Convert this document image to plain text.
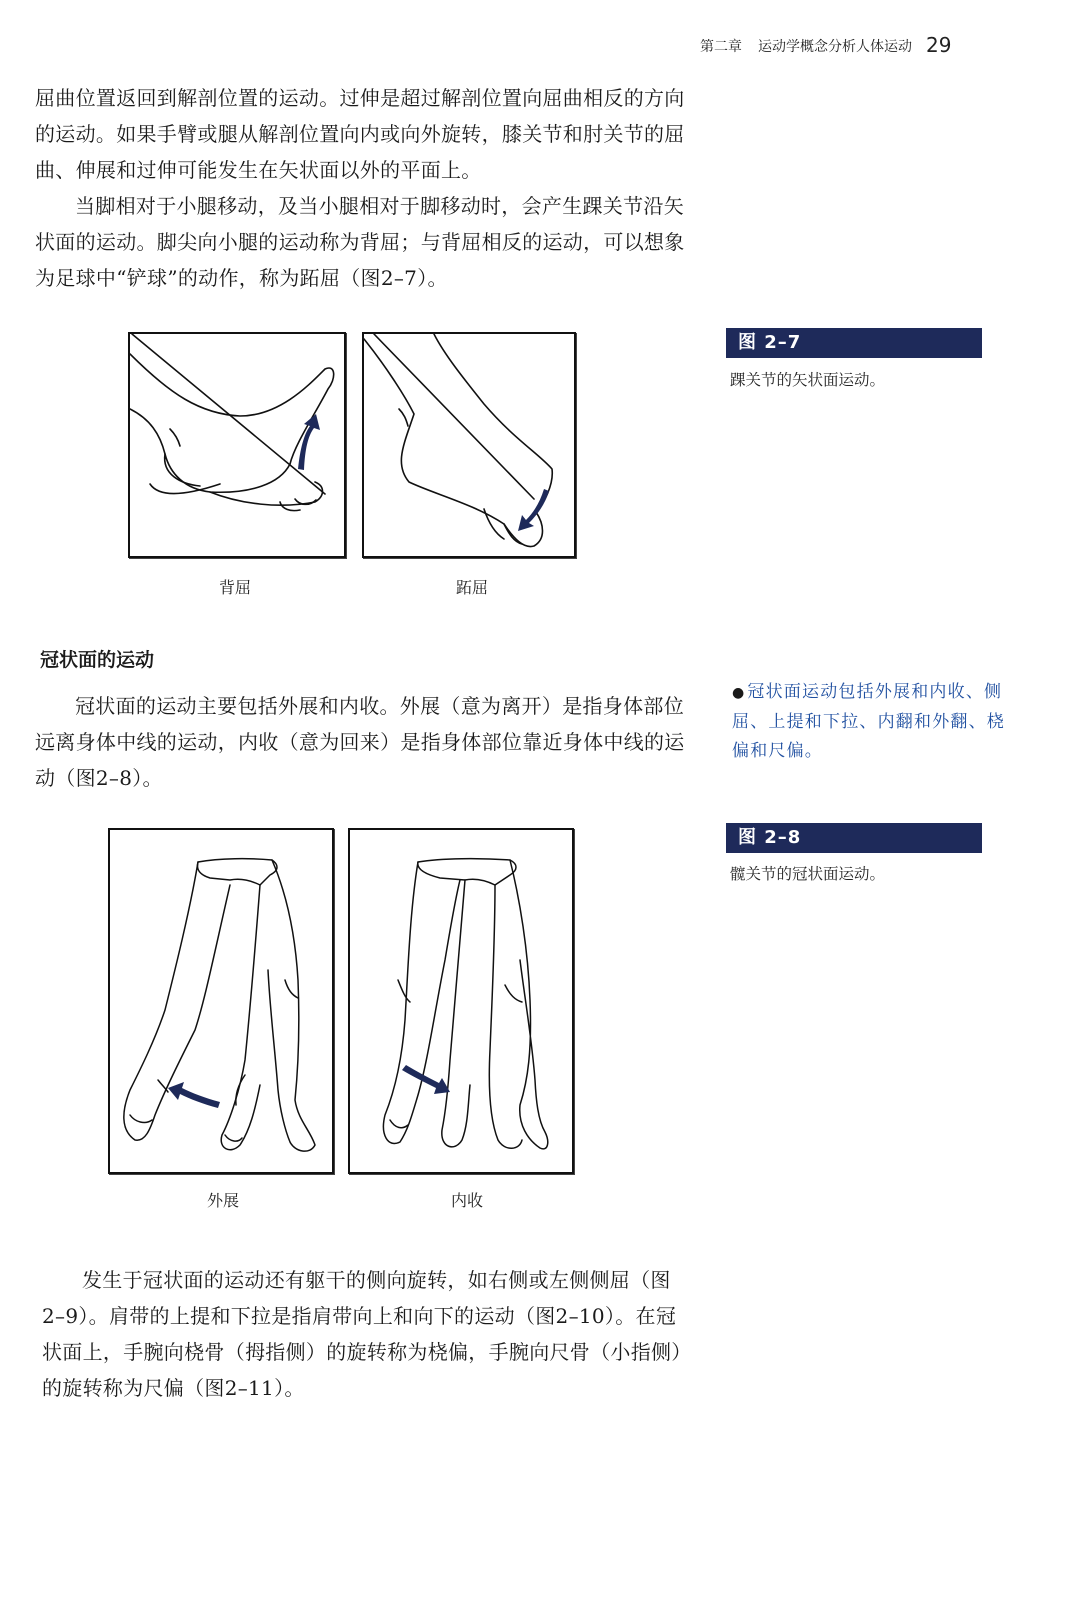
第二章 运动学概念分析人体运动 29

屈曲位置返回到解剖位置的运动。过伸是超过解剖位置向屈曲相反的方向的运动。如果手臂或腿从解剖位置向内或向外旋转，膝关节和肘关节的屈曲、伸展和过伸可能发生在矢状面以外的平面上。

当脚相对于小腿移动，及当小腿相对于脚移动时，会产生踝关节沿矢状面的运动。脚尖向小腿的运动称为背屈；与背屈相反的运动，可以想象为足球中“铲球”的动作，称为跖屈（图2–7）。

背屈	跖屈
图 2–7
踝关节的矢状面运动。
冠状面的运动

冠状面的运动主要包括外展和内收。外展（意为离开）是指身体部位远离身体中线的运动，内收（意为回来）是指身体部位靠近身体中线的运动（图2–8）。

● 冠状面运动包括外展和内收、侧屈、上提和下拉、内翻和外翻、桡偏和尺偏。
外展	内收
图 2–8
髋关节的冠状面运动。

发生于冠状面的运动还有躯干的侧向旋转，如右侧或左侧侧屈（图2–9）。肩带的上提和下拉是指肩带向上和向下的运动（图2–10）。在冠状面上，手腕向桡骨（拇指侧）的旋转称为桡偏，手腕向尺骨（小指侧）的旋转称为尺偏（图2–11）。
